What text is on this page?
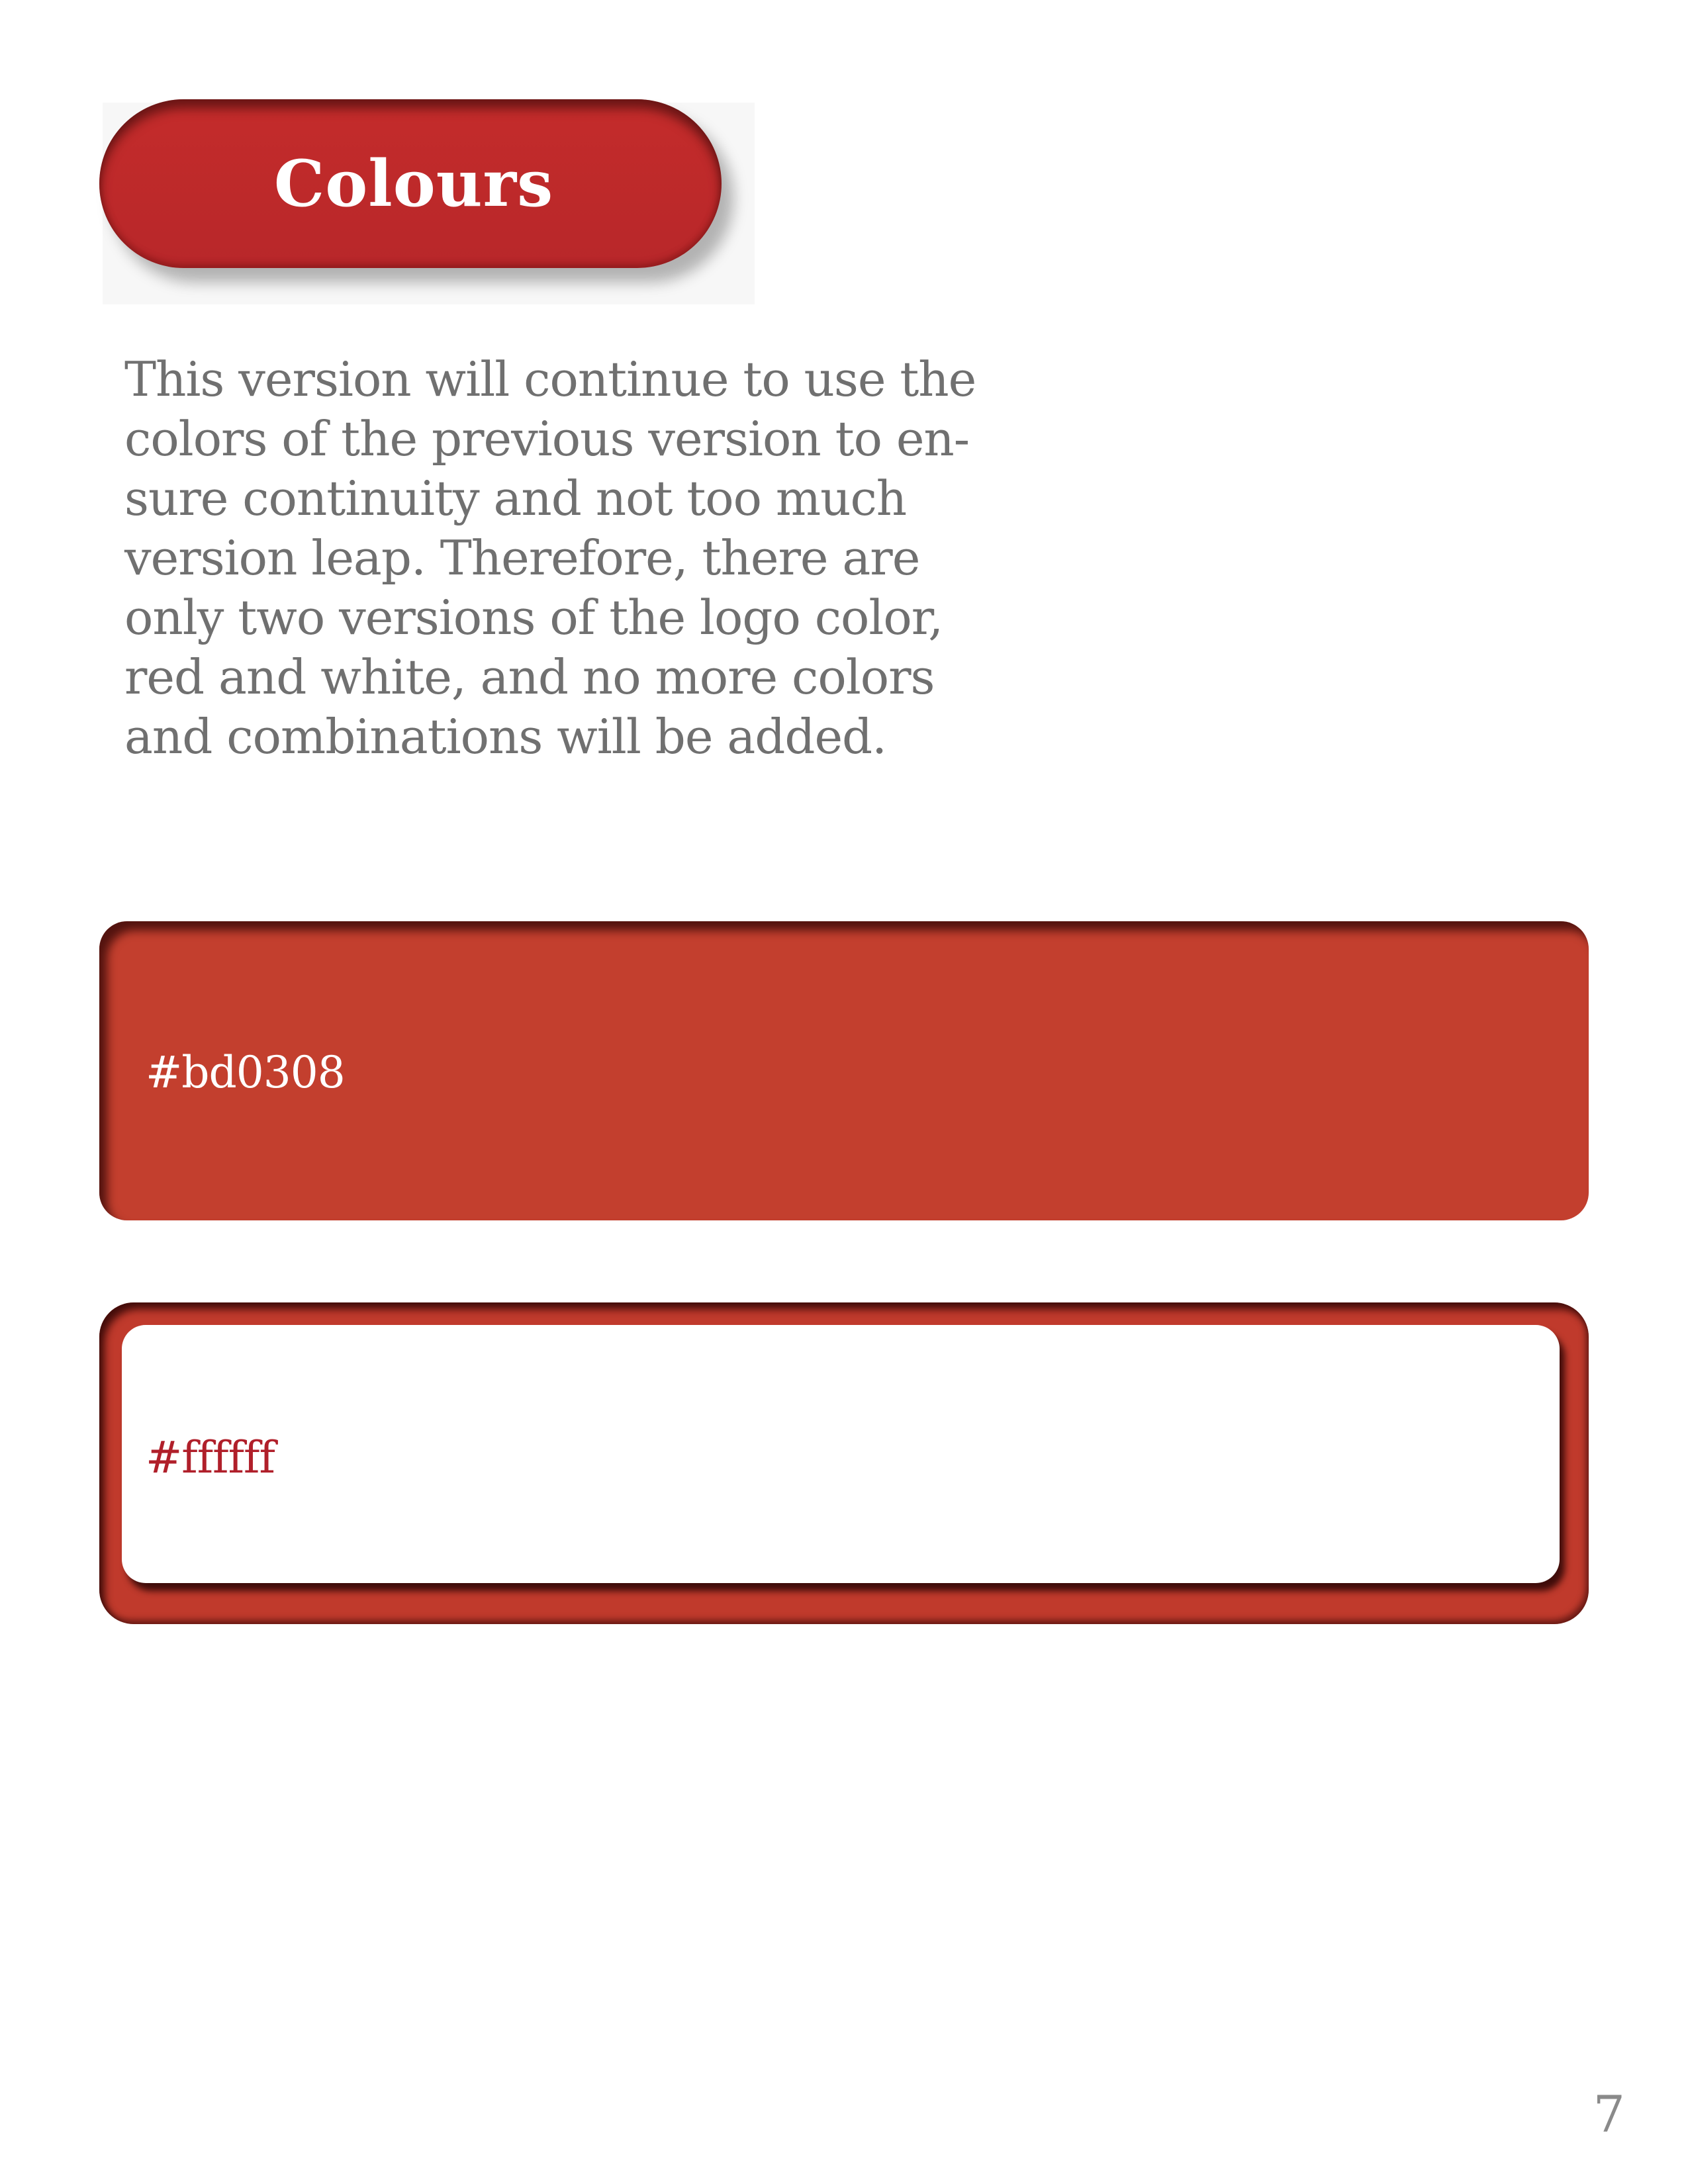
Colours
This version will continue to use the
colors of the previous version to en-
sure continuity and not too much
version leap. Therefore, there are
only two versions of the logo color,
red and white, and no more colors
and combinations will be added.
#bd0308
#ffffff
7
